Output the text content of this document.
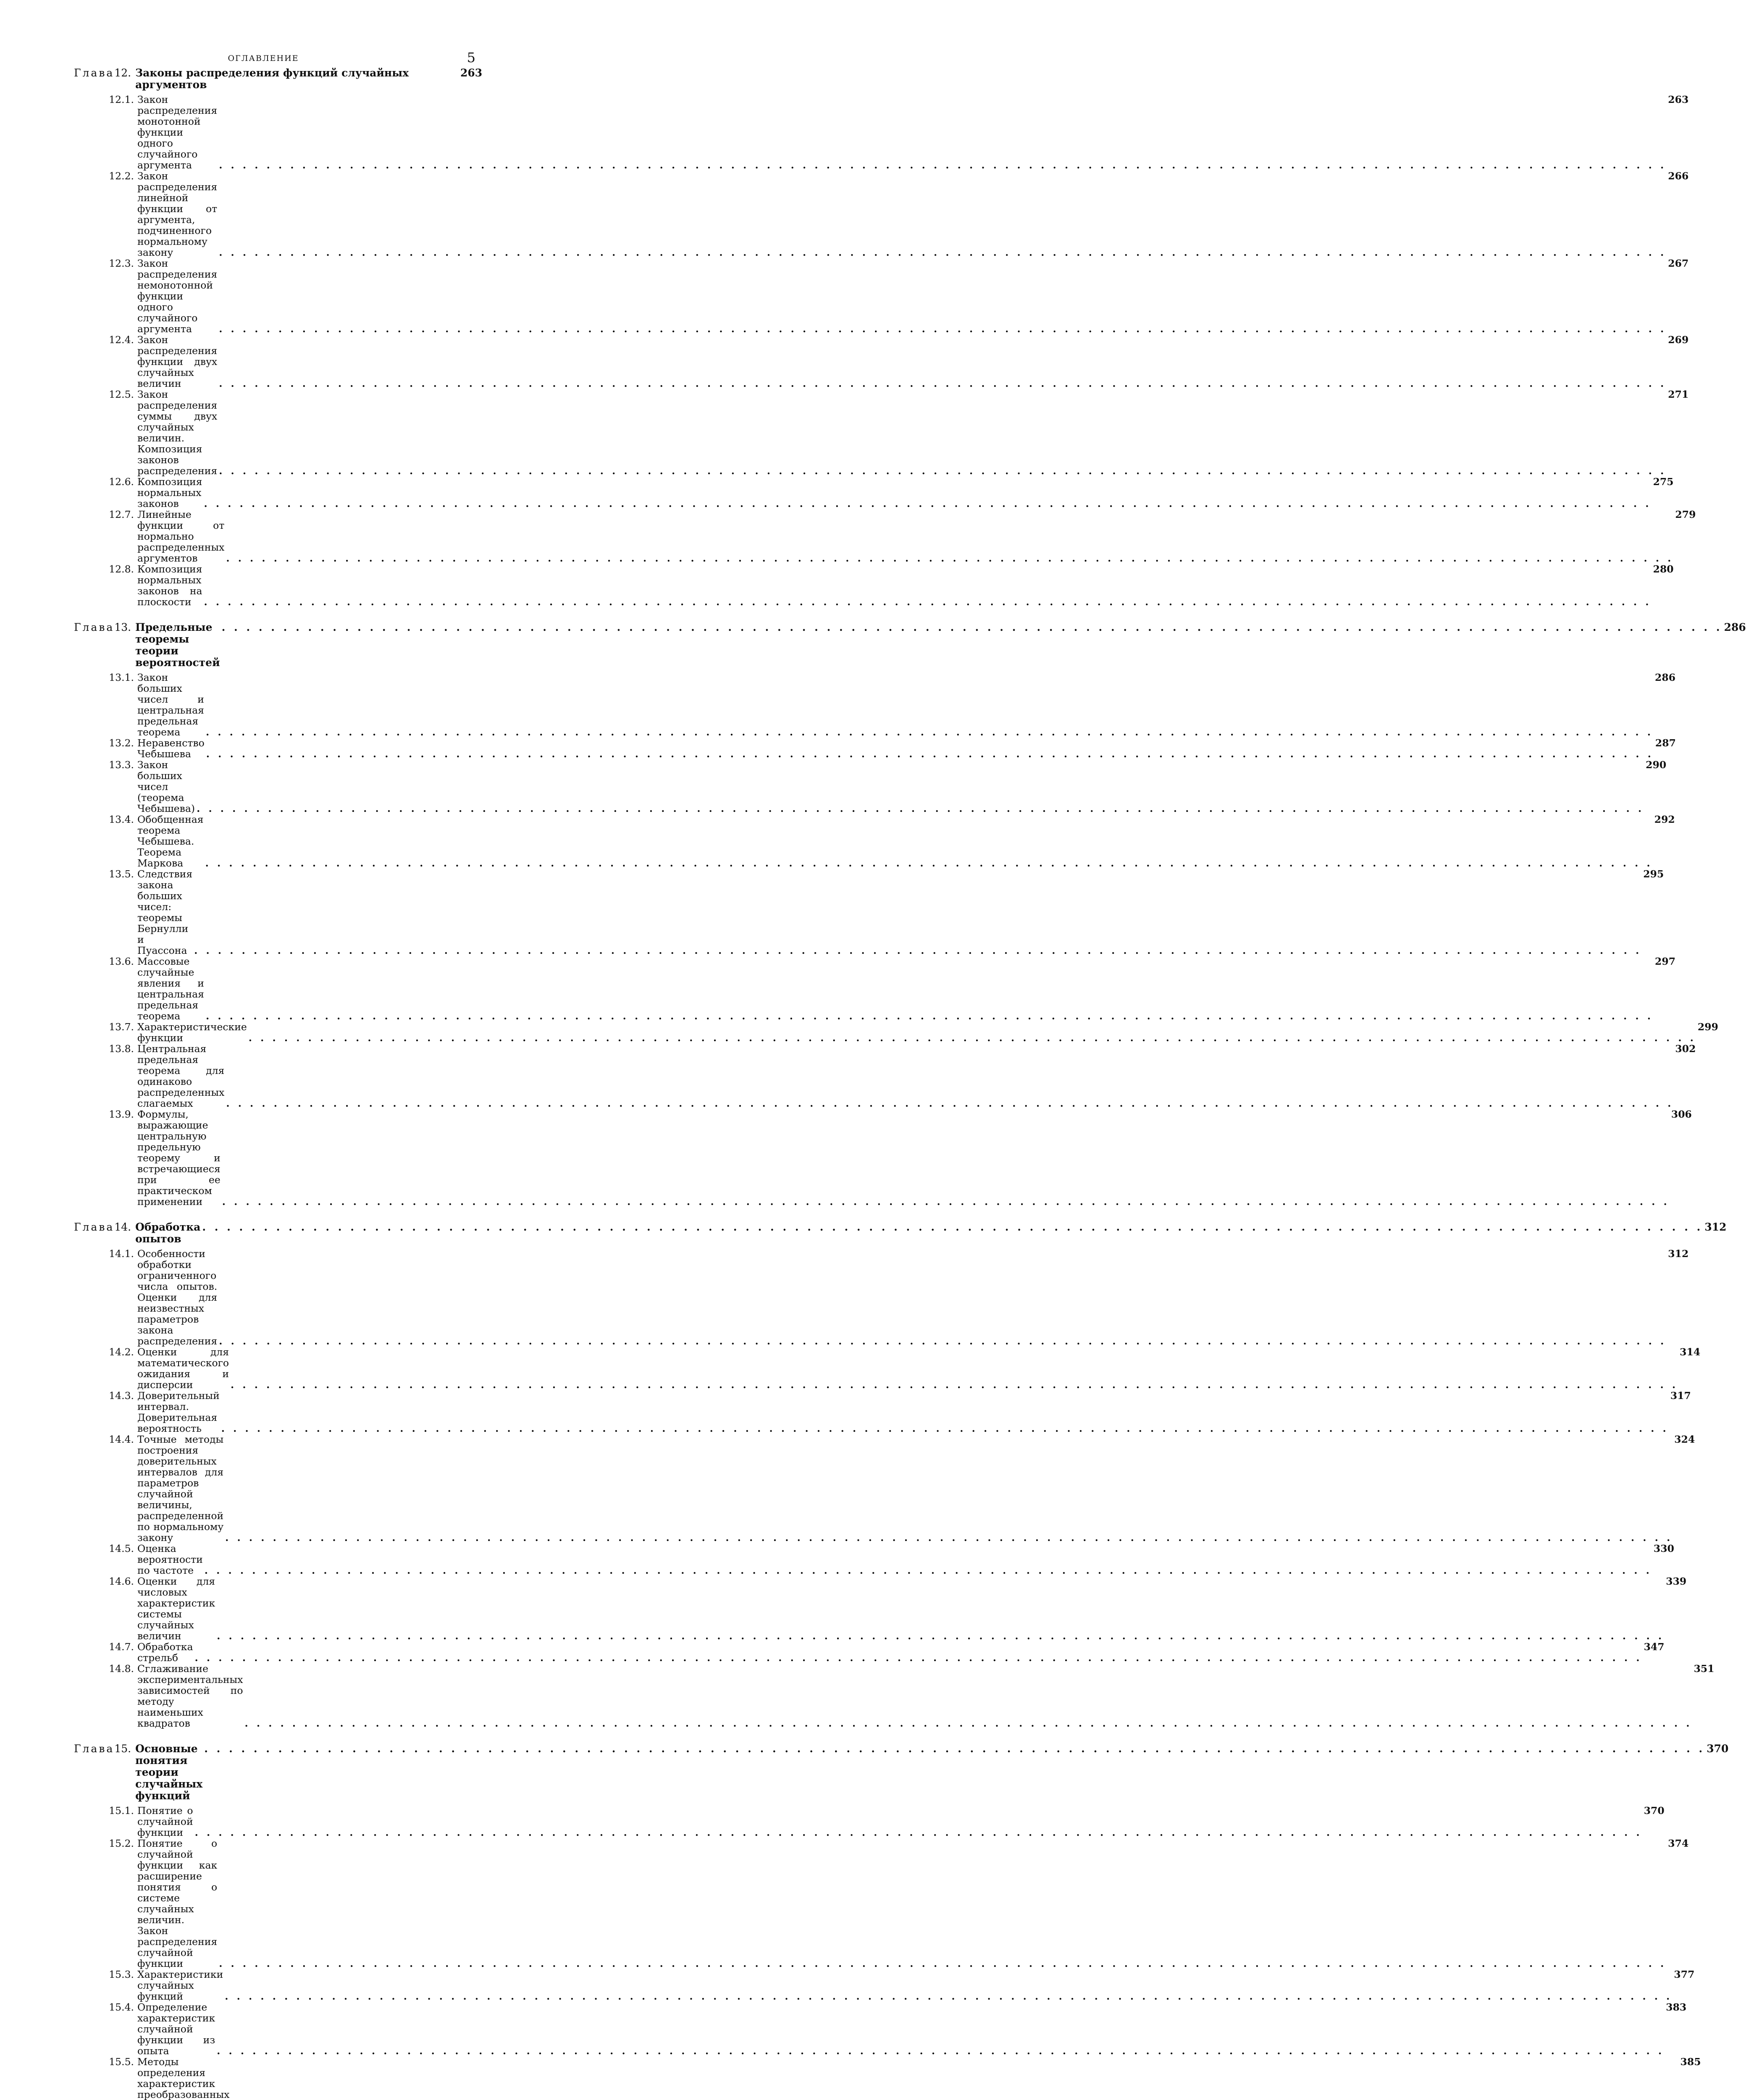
ОГЛАВЛЕНИЕ	5
Глава 12. Законы распределения функций случайных аргументов
263
12.1. Закон распределения монотонной функции одного случайного аргумента
. . .
263
12.2. Закон распределения линейной функции от аргумента, подчиненного нормальному закону
. . .
266
12.3. Закон распределения немонотонной функции одного случайного аргумента
. . .
267
12.4. Закон распределения функции двух случайных величин
. . .
269
12.5. Закон распределения суммы двух случайных величин. Композиция законов распределения
. . .
271
12.6. Композиция нормальных законов
. . .
275
12.7. Линейные функции от нормально распределенных аргументов
. . .
279
12.8. Композиция нормальных законов на плоскости
. . .
280
Глава 13. Предельные теоремы теории вероятностей
. . .
286
13.1. Закон больших чисел и центральная предельная теорема
. . .
286
13.2. Неравенство Чебышева
. . .
287
13.3. Закон больших чисел (теорема Чебышева)
. . .
290
13.4. Обобщенная теорема Чебышева. Теорема Маркова
. . .
292
13.5. Следствия закона больших чисел: теоремы Бернулли и Пуассона
. . .
295
13.6. Массовые случайные явления и центральная предельная теорема
. . .
297
13.7. Характеристические функции
. . .
299
13.8. Центральная предельная теорема для одинаково распределенных слагаемых
. . .
302
13.9. Формулы, выражающие центральную предельную теорему и встречающиеся при ее практическом применении
. . .
306
Глава 14. Обработка опытов
. . .
312
14.1. Особенности обработки ограниченного числа опытов. Оценки для неизвестных параметров закона распределения
. . .
312
14.2. Оценки для математического ожидания и дисперсии
. . .
314
14.3. Доверительный интервал. Доверительная вероятность
. . .
317
14.4. Точные методы построения доверительных интервалов для параметров случайной величины, распределенной по нормальному закону
. . .
324
14.5. Оценка вероятности по частоте
. . .
330
14.6. Оценки для числовых характеристик системы случайных величин
. . .
339
14.7. Обработка стрельб
. . .
347
14.8. Сглаживание экспериментальных зависимостей по методу наименьших квадратов
. . .
351
Глава 15. Основные понятия теории случайных функций
. . .
370
15.1. Понятие о случайной функции
. . .
370
15.2. Понятие о случайной функции как расширение понятия о системе случайных величин. Закон распределения случайной функции
. . .
374
15.3. Характеристики случайных функций
. . .
377
15.4. Определение характеристик случайной функции из опыта
. . .
383
15.5. Методы определения характеристик преобразованных
385
